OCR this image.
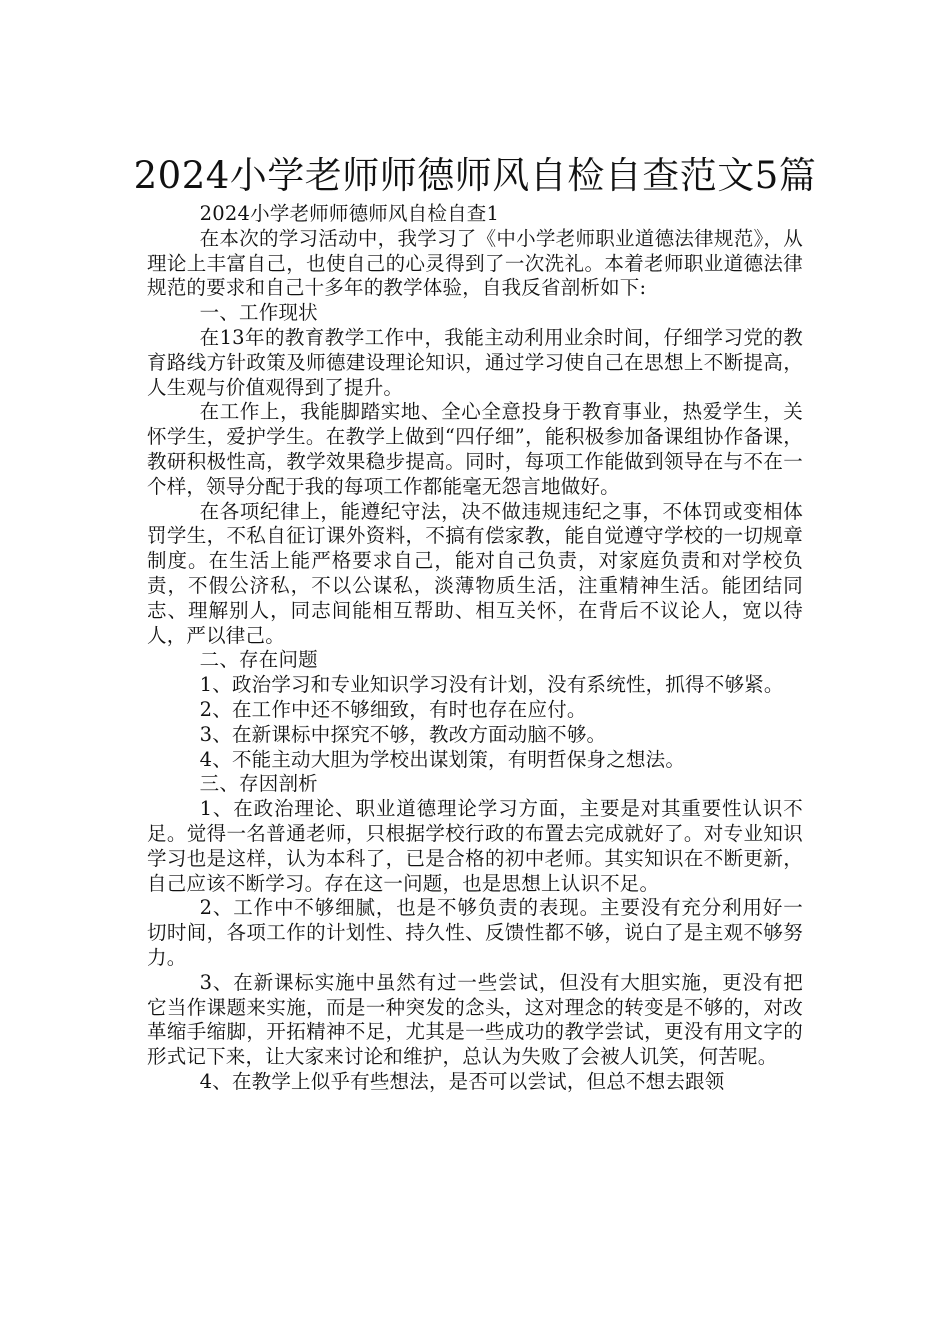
2024小学老师师德师风自检自查范文5篇

2024小学老师师德师风自检自查1

在本次的学习活动中，我学习了《中小学老师职业道德法律规范》，从理论上丰富自己，也使自己的心灵得到了一次洗礼。本着老师职业道德法律规范的要求和自己十多年的教学体验，自我反省剖析如下:

一、工作现状

在13年的教育教学工作中，我能主动利用业余时间，仔细学习党的教育路线方针政策及师德建设理论知识，通过学习使自己在思想上不断提高，人生观与价值观得到了提升。

在工作上，我能脚踏实地、全心全意投身于教育事业，热爱学生，关怀学生，爱护学生。在教学上做到“四仔细”，能积极参加备课组协作备课，教研积极性高，教学效果稳步提高。同时，每项工作能做到领导在与不在一个样，领导分配于我的每项工作都能毫无怨言地做好。

在各项纪律上，能遵纪守法，决不做违规违纪之事，不体罚或变相体罚学生，不私自征订课外资料，不搞有偿家教，能自觉遵守学校的一切规章制度。在生活上能严格要求自己，能对自己负责，对家庭负责和对学校负责，不假公济私，不以公谋私，淡薄物质生活，注重精神生活。能团结同志、理解别人，同志间能相互帮助、相互关怀，在背后不议论人，宽以待人，严以律己。

二、存在问题

1、政治学习和专业知识学习没有计划，没有系统性，抓得不够紧。

2、在工作中还不够细致，有时也存在应付。

3、在新课标中探究不够，教改方面动脑不够。

4、不能主动大胆为学校出谋划策，有明哲保身之想法。

三、存因剖析

1、在政治理论、职业道德理论学习方面，主要是对其重要性认识不足。觉得一名普通老师，只根据学校行政的布置去完成就好了。对专业知识学习也是这样，认为本科了，已是合格的初中老师。其实知识在不断更新，自己应该不断学习。存在这一问题，也是思想上认识不足。

2、工作中不够细腻，也是不够负责的表现。主要没有充分利用好一切时间，各项工作的计划性、持久性、反馈性都不够，说白了是主观不够努力。

3、在新课标实施中虽然有过一些尝试，但没有大胆实施，更没有把它当作课题来实施，而是一种突发的念头，这对理念的转变是不够的，对改革缩手缩脚，开拓精神不足，尤其是一些成功的教学尝试，更没有用文字的形式记下来，让大家来讨论和维护，总认为失败了会被人讥笑，何苦呢。

4、在教学上似乎有些想法，是否可以尝试，但总不想去跟领
